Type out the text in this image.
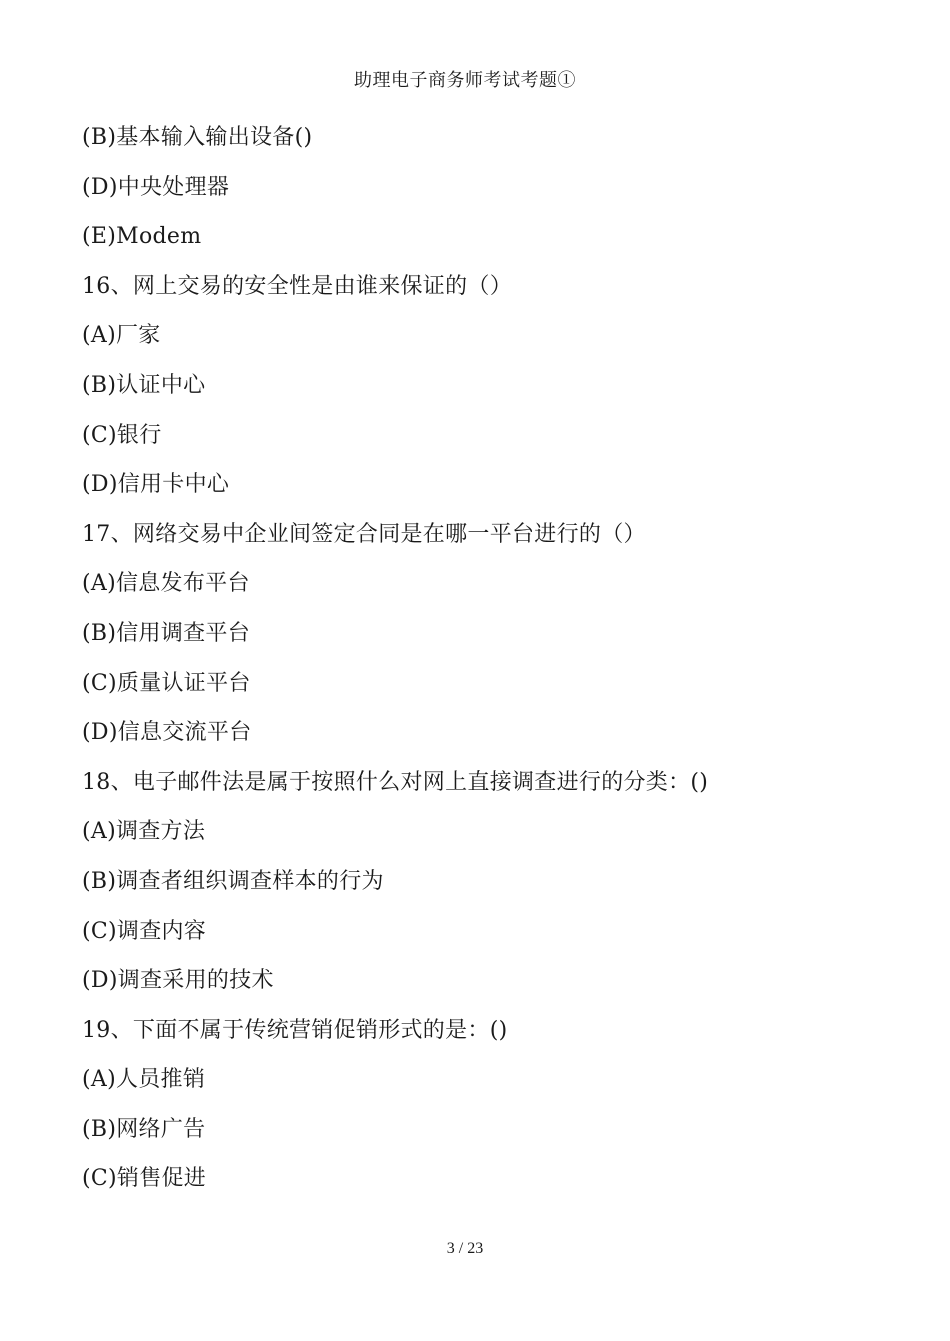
助理电子商务师考试考题①
(B)基本输入输出设备()
(D)中央处理器
(E)Modem
16、网上交易的安全性是由谁来保证的（）
(A)厂家
(B)认证中心
(C)银行
(D)信用卡中心
17、网络交易中企业间签定合同是在哪一平台进行的（）
(A)信息发布平台
(B)信用调查平台
(C)质量认证平台
(D)信息交流平台
18、电子邮件法是属于按照什么对网上直接调查进行的分类：()
(A)调查方法
(B)调查者组织调查样本的行为
(C)调查内容
(D)调查采用的技术
19、下面不属于传统营销促销形式的是：()
(A)人员推销
(B)网络广告
(C)销售促进
3 / 23
